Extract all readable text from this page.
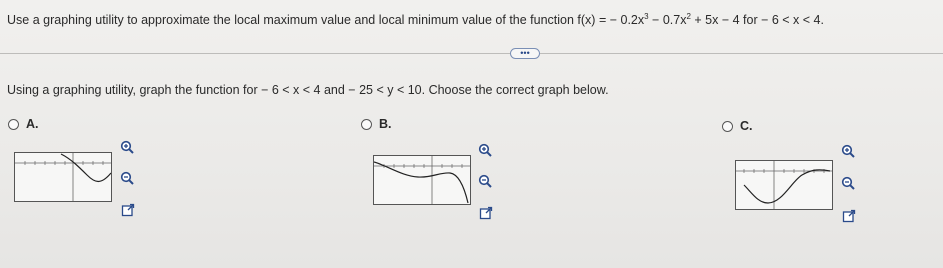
Use a graphing utility to approximate the local maximum value and local minimum value of the function f(x) = − $0.2x^3 - 0.7x^2 + 5x - 4$ for − 6 < x < 4.
•••
Using a graphing utility, graph the function for − 6 < x < 4 and − 25 < y < 10. Choose the correct graph below.
A.	B.	C.
